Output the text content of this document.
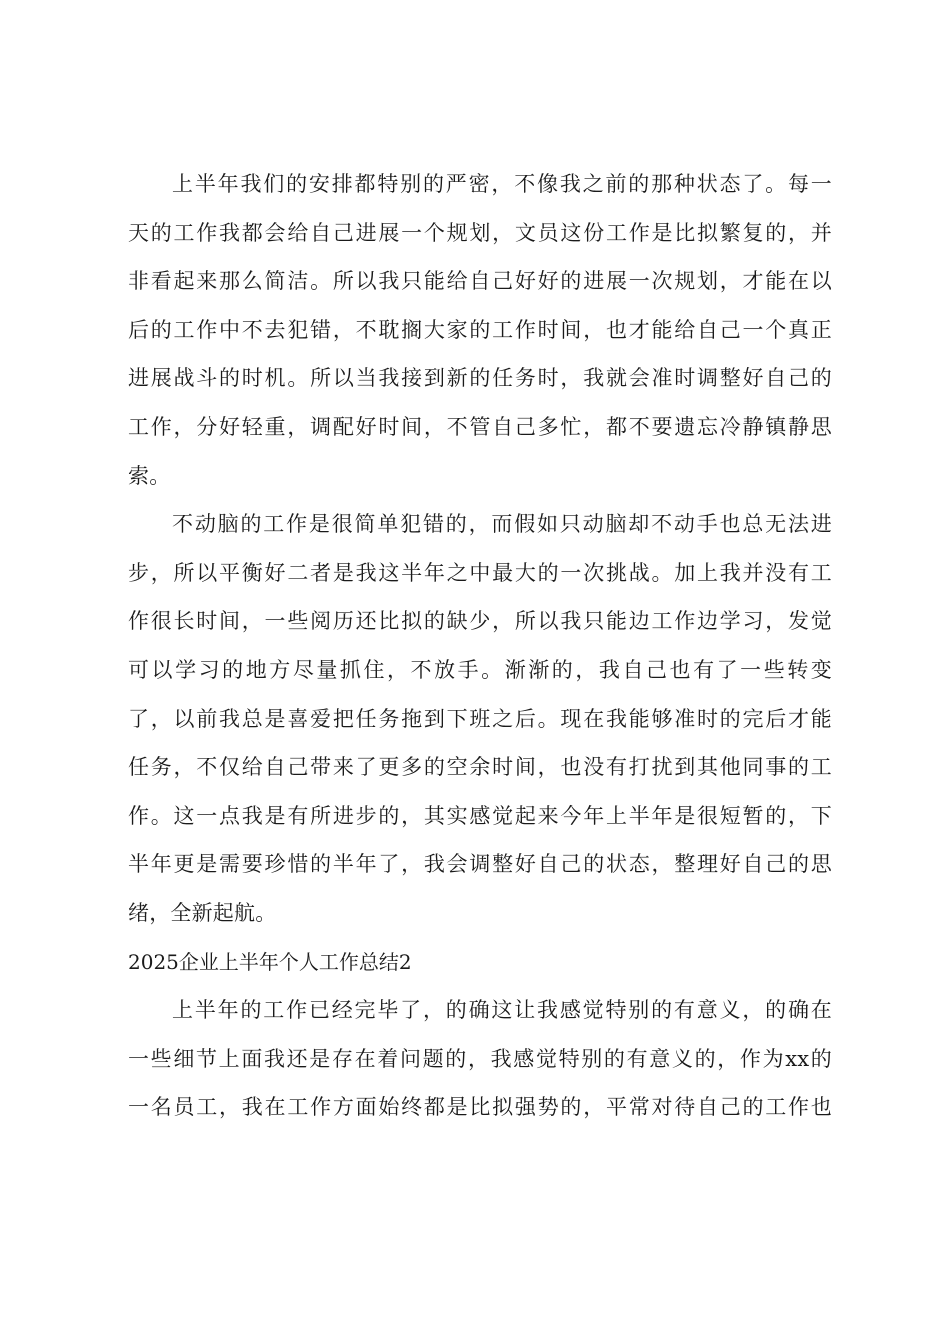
上半年我们的安排都特别的严密，不像我之前的那种状态了。每一
天的工作我都会给自己进展一个规划，文员这份工作是比拟繁复的，并
非看起来那么简洁。所以我只能给自己好好的进展一次规划，才能在以
后的工作中不去犯错，不耽搁大家的工作时间，也才能给自己一个真正
进展战斗的时机。所以当我接到新的任务时，我就会准时调整好自己的
工作，分好轻重，调配好时间，不管自己多忙，都不要遗忘冷静镇静思
索。
不动脑的工作是很简单犯错的，而假如只动脑却不动手也总无法进
步，所以平衡好二者是我这半年之中最大的一次挑战。加上我并没有工
作很长时间，一些阅历还比拟的缺少，所以我只能边工作边学习，发觉
可以学习的地方尽量抓住，不放手。渐渐的，我自己也有了一些转变
了，以前我总是喜爱把任务拖到下班之后。现在我能够准时的完后才能
任务，不仅给自己带来了更多的空余时间，也没有打扰到其他同事的工
作。这一点我是有所进步的，其实感觉起来今年上半年是很短暂的，下
半年更是需要珍惜的半年了，我会调整好自己的状态，整理好自己的思
绪，全新起航。
2025企业上半年个人工作总结2
上半年的工作已经完毕了，的确这让我感觉特别的有意义，的确在
一些细节上面我还是存在着问题的，我感觉特别的有意义的，作为xx的
一名员工，我在工作方面始终都是比拟强势的，平常对待自己的工作也
